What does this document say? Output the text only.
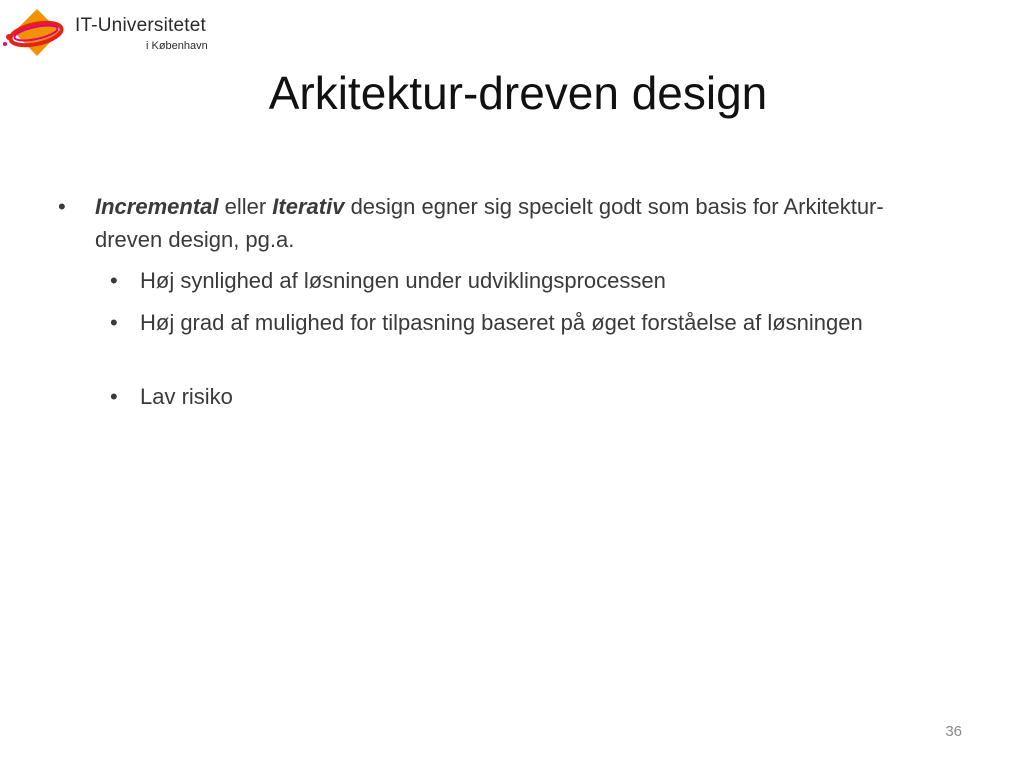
IT-Universitetet
i København
Arkitektur-dreven design
• Incremental eller Iterativ design egner sig specielt godt som basis for Arkitektur-dreven design, pg.a.
• Høj synlighed af løsningen under udviklingsprocessen
• Høj grad af mulighed for tilpasning baseret på øget forståelse af løsningen
• Lav risiko
36
